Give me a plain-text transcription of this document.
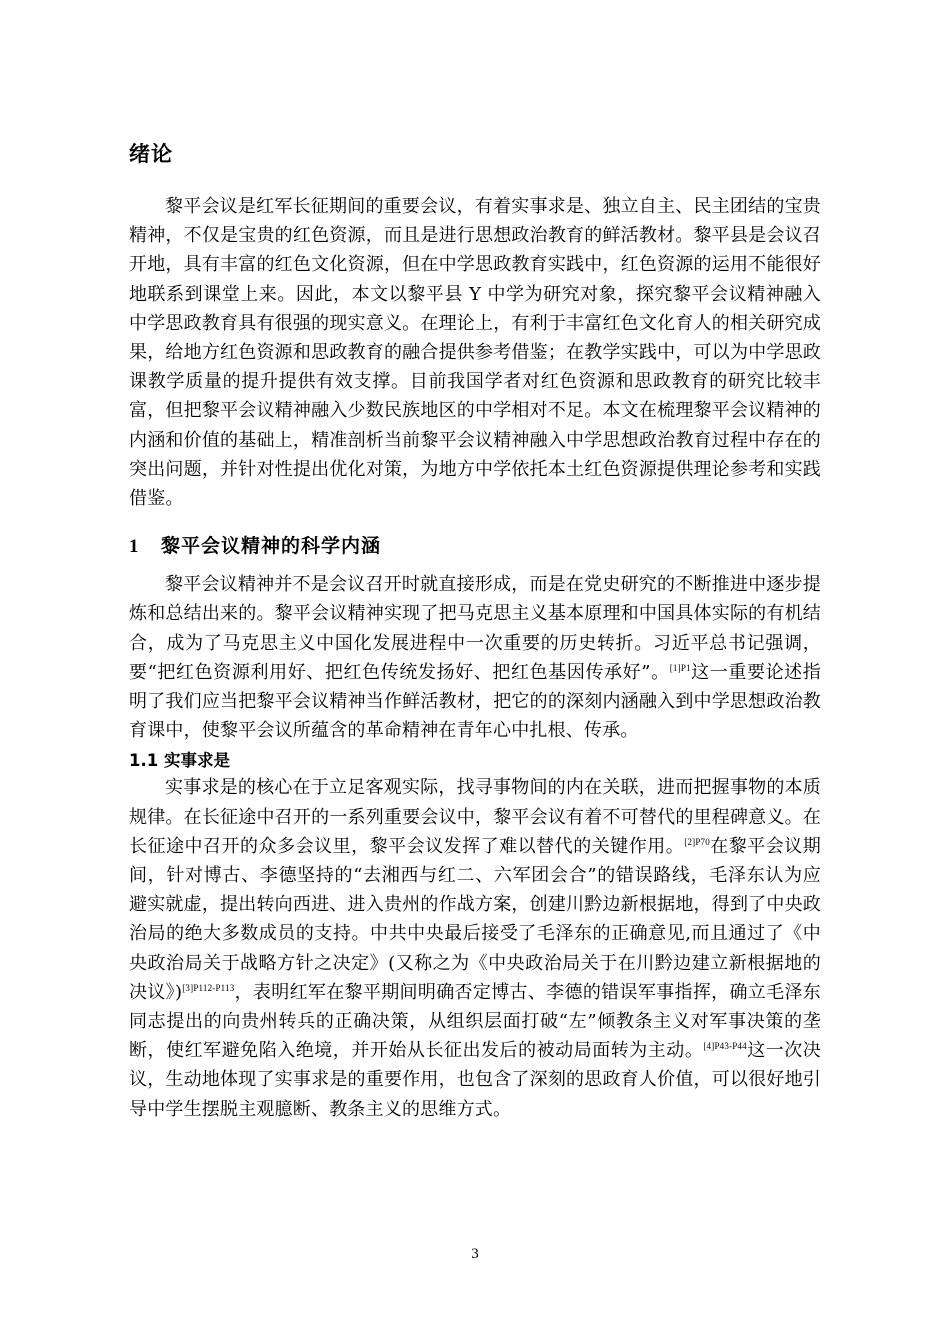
绪论

黎平会议是红军长征期间的重要会议，有着实事求是、独立自主、民主团结的宝贵精神，不仅是宝贵的红色资源，而且是进行思想政治教育的鲜活教材。黎平县是会议召开地，具有丰富的红色文化资源，但在中学思政教育实践中，红色资源的运用不能很好地联系到课堂上来。因此，本文以黎平县 Y 中学为研究对象，探究黎平会议精神融入中学思政教育具有很强的现实意义。在理论上，有利于丰富红色文化育人的相关研究成果，给地方红色资源和思政教育的融合提供参考借鉴；在教学实践中，可以为中学思政课教学质量的提升提供有效支撑。目前我国学者对红色资源和思政教育的研究比较丰富，但把黎平会议精神融入少数民族地区的中学相对不足。本文在梳理黎平会议精神的内涵和价值的基础上，精准剖析当前黎平会议精神融入中学思想政治教育过程中存在的突出问题，并针对性提出优化对策，为地方中学依托本土红色资源提供理论参考和实践借鉴。

1 黎平会议精神的科学内涵

黎平会议精神并不是会议召开时就直接形成，而是在党史研究的不断推进中逐步提炼和总结出来的。黎平会议精神实现了把马克思主义基本原理和中国具体实际的有机结合，成为了马克思主义中国化发展进程中一次重要的历史转折。习近平总书记强调，要“把红色资源利用好、把红色传统发扬好、把红色基因传承好”。$^{[1]P1}$这一重要论述指明了我们应当把黎平会议精神当作鲜活教材，把它的的深刻内涵融入到中学思想政治教育课中，使黎平会议所蕴含的革命精神在青年心中扎根、传承。

1.1 实事求是

实事求是的核心在于立足客观实际，找寻事物间的内在关联，进而把握事物的本质规律。在长征途中召开的一系列重要会议中，黎平会议有着不可替代的里程碑意义。在长征途中召开的众多会议里，黎平会议发挥了难以替代的关键作用。$^{[2]P70}$在黎平会议期间，针对博古、李德坚持的“去湘西与红二、六军团会合”的错误路线，毛泽东认为应避实就虚，提出转向西进、进入贵州的作战方案，创建川黔边新根据地，得到了中央政治局的绝大多数成员的支持。中共中央最后接受了毛泽东的正确意见,而且通过了《中央政治局关于战略方针之决定》(又称之为《中央政治局关于在川黔边建立新根据地的决议》)$^{[3]P112-P113}$，表明红军在黎平期间明确否定博古、李德的错误军事指挥，确立毛泽东同志提出的向贵州转兵的正确决策，从组织层面打破“左”倾教条主义对军事决策的垄断，使红军避免陷入绝境，并开始从长征出发后的被动局面转为主动。$^{[4]P43-P44}$这一次决议，生动地体现了实事求是的重要作用，也包含了深刻的思政育人价值，可以很好地引导中学生摆脱主观臆断、教条主义的思维方式。

3
